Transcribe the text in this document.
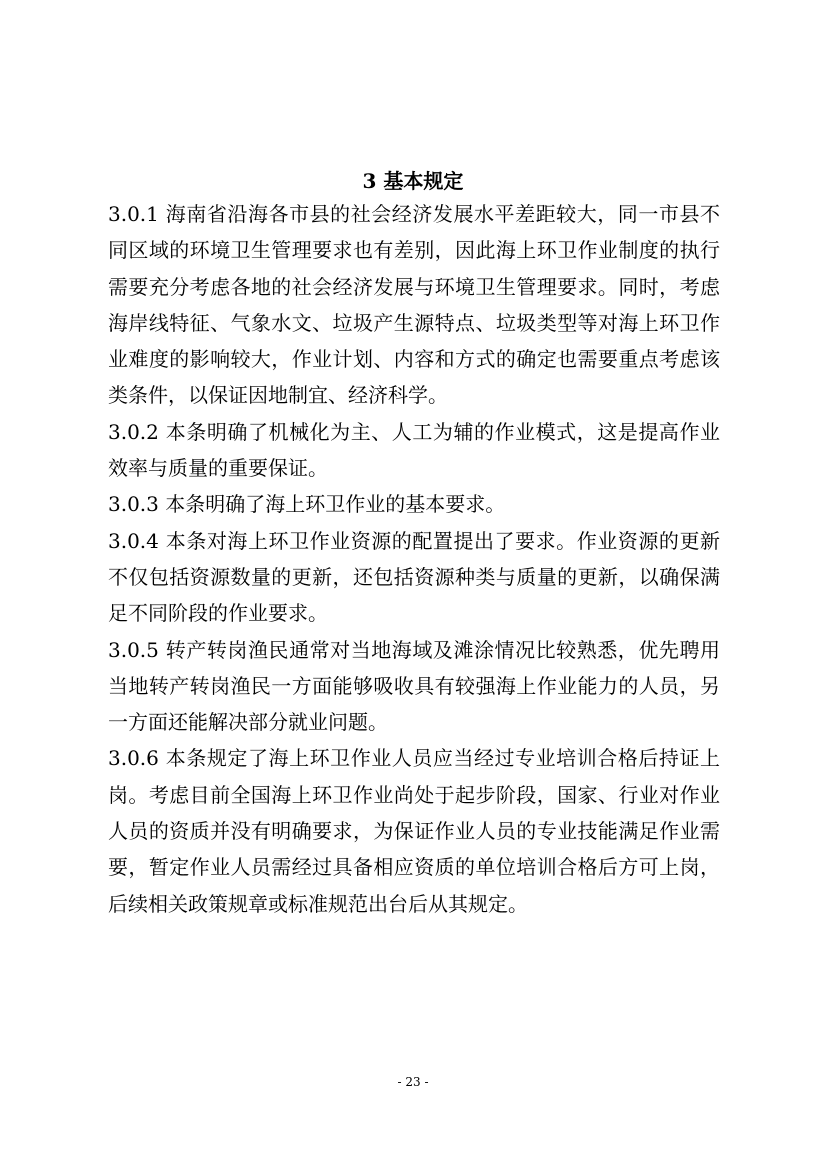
3 基本规定

3.0.1 海南省沿海各市县的社会经济发展水平差距较大，同一市县不同区域的环境卫生管理要求也有差别，因此海上环卫作业制度的执行需要充分考虑各地的社会经济发展与环境卫生管理要求。同时，考虑海岸线特征、气象水文、垃圾产生源特点、垃圾类型等对海上环卫作业难度的影响较大，作业计划、内容和方式的确定也需要重点考虑该类条件，以保证因地制宜、经济科学。

3.0.2 本条明确了机械化为主、人工为辅的作业模式，这是提高作业效率与质量的重要保证。

3.0.3 本条明确了海上环卫作业的基本要求。

3.0.4 本条对海上环卫作业资源的配置提出了要求。作业资源的更新不仅包括资源数量的更新，还包括资源种类与质量的更新，以确保满足不同阶段的作业要求。

3.0.5 转产转岗渔民通常对当地海域及滩涂情况比较熟悉，优先聘用当地转产转岗渔民一方面能够吸收具有较强海上作业能力的人员，另一方面还能解决部分就业问题。

3.0.6 本条规定了海上环卫作业人员应当经过专业培训合格后持证上岗。考虑目前全国海上环卫作业尚处于起步阶段，国家、行业对作业人员的资质并没有明确要求，为保证作业人员的专业技能满足作业需要，暂定作业人员需经过具备相应资质的单位培训合格后方可上岗，后续相关政策规章或标准规范出台后从其规定。

- 23 -
